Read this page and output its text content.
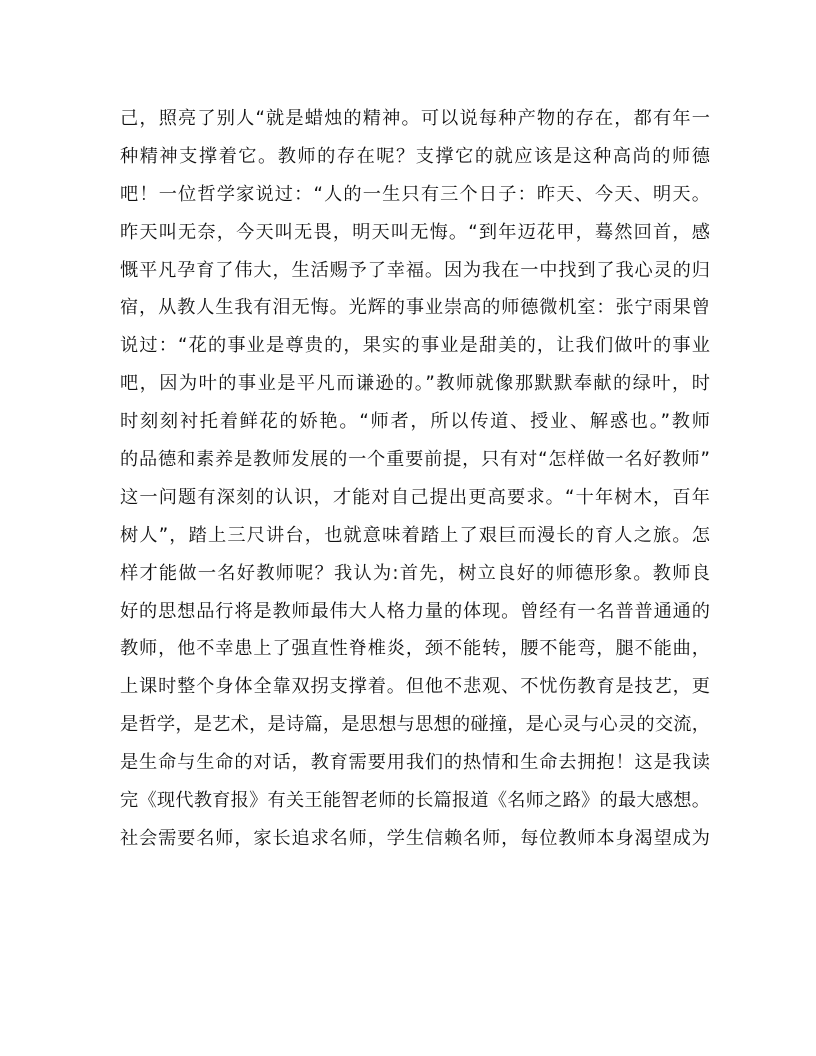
己，照亮了别人“就是蜡烛的精神。可以说每种产物的存在，都有年一
种精神支撑着它。教师的存在呢？支撑它的就应该是这种高尚的师德
吧！一位哲学家说过：“人的一生只有三个日子：昨天、今天、明天。
昨天叫无奈，今天叫无畏，明天叫无悔。“到年迈花甲，蓦然回首，感
慨平凡孕育了伟大，生活赐予了幸福。因为我在一中找到了我心灵的归
宿，从教人生我有泪无悔。光辉的事业崇高的师德微机室：张宁雨果曾
说过：“花的事业是尊贵的，果实的事业是甜美的，让我们做叶的事业
吧，因为叶的事业是平凡而谦逊的。”教师就像那默默奉献的绿叶，时
时刻刻衬托着鲜花的娇艳。“师者，所以传道、授业、解惑也。”教师
的品德和素养是教师发展的一个重要前提，只有对“怎样做一名好教师”
这一问题有深刻的认识，才能对自己提出更高要求。“十年树木，百年
树人”，踏上三尺讲台，也就意味着踏上了艰巨而漫长的育人之旅。怎
样才能做一名好教师呢？我认为:首先，树立良好的师德形象。教师良
好的思想品行将是教师最伟大人格力量的体现。曾经有一名普普通通的
教师，他不幸患上了强直性脊椎炎，颈不能转，腰不能弯，腿不能曲，
上课时整个身体全靠双拐支撑着。但他不悲观、不忧伤教育是技艺，更
是哲学，是艺术，是诗篇，是思想与思想的碰撞，是心灵与心灵的交流，
是生命与生命的对话，教育需要用我们的热情和生命去拥抱！这是我读
完《现代教育报》有关王能智老师的长篇报道《名师之路》的最大感想。
社会需要名师，家长追求名师，学生信赖名师，每位教师本身渴望成为
